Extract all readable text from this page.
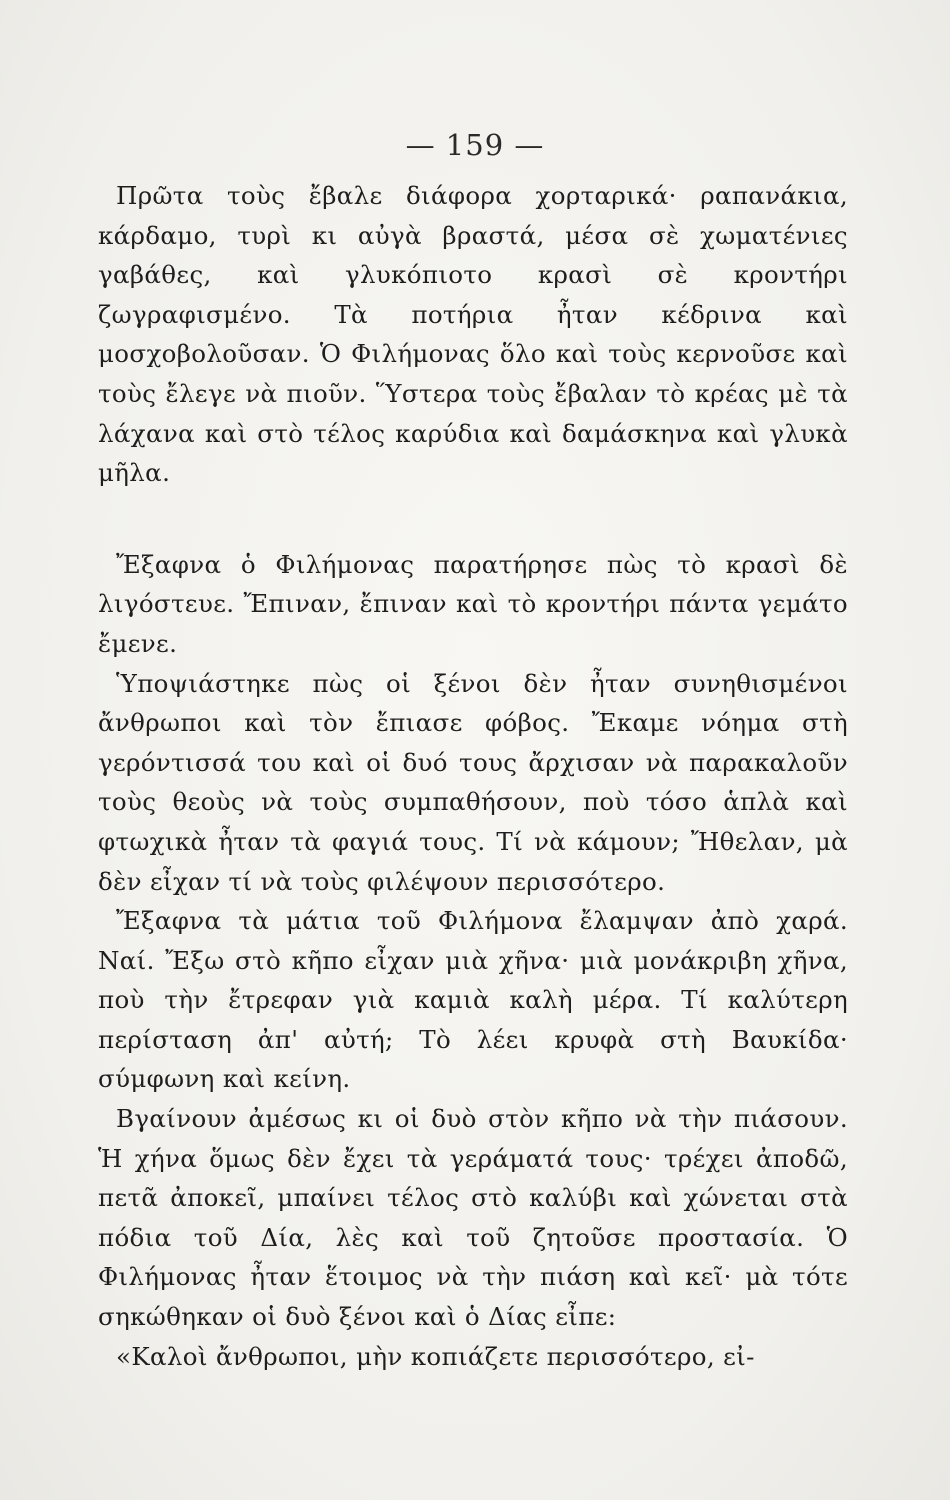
— 159 —

Πρῶτα τοὺς ἔβαλε διάφορα χορταρικά· ραπανάκια, κάρδαμο, τυρὶ κι αὐγὰ βραστά, μέσα σὲ χωματένιες γαβάθες, καὶ γλυκόπιοτο κρασὶ σὲ κροντήρι ζωγραφισμένο. Τὰ ποτήρια ἦταν κέδρινα καὶ μοσχοβολοῦσαν. Ὁ Φιλήμονας ὅλο καὶ τοὺς κερνοῦσε καὶ τοὺς ἔλεγε νὰ πιοῦν. Ὕστερα τοὺς ἔβαλαν τὸ κρέας μὲ τὰ λάχανα καὶ στὸ τέλος καρύδια καὶ δαμάσκηνα καὶ γλυκὰ μῆλα.

Ἔξαφνα ὁ Φιλήμονας παρατήρησε πὼς τὸ κρασὶ δὲ λιγόστευε. Ἔπιναν, ἔπιναν καὶ τὸ κροντήρι πάντα γεμάτο ἔμενε.

Ὑποψιάστηκε πὼς οἱ ξένοι δὲν ἦταν συνηθισμένοι ἄνθρωποι καὶ τὸν ἔπιασε φόβος. Ἔκαμε νόημα στὴ γερόντισσά του καὶ οἱ δυό τους ἄρχισαν νὰ παρακαλοῦν τοὺς θεοὺς νὰ τοὺς συμπαθήσουν, ποὺ τόσο ἁπλὰ καὶ φτωχικὰ ἦταν τὰ φαγιά τους. Τί νὰ κάμουν; Ἤθελαν, μὰ δὲν εἶχαν τί νὰ τοὺς φιλέψουν περισσότερο.

Ἔξαφνα τὰ μάτια τοῦ Φιλήμονα ἔλαμψαν ἀπὸ χαρά. Ναί. Ἔξω στὸ κῆπο εἶχαν μιὰ χῆνα· μιὰ μονάκριβη χῆνα, ποὺ τὴν ἔτρεφαν γιὰ καμιὰ καλὴ μέρα. Τί καλύτερη περίσταση ἀπ' αὐτή; Τὸ λέει κρυφὰ στὴ Βαυκίδα· σύμφωνη καὶ κείνη.

Βγαίνουν ἀμέσως κι οἱ δυὸ στὸν κῆπο νὰ τὴν πιάσουν. Ἡ χήνα ὅμως δὲν ἔχει τὰ γεράματά τους· τρέχει ἀποδῶ, πετᾶ ἀποκεῖ, μπαίνει τέλος στὸ καλύβι καὶ χώνεται στὰ πόδια τοῦ Δία, λὲς καὶ τοῦ ζητοῦσε προστασία. Ὁ Φιλήμονας ἦταν ἕτοιμος νὰ τὴν πιάση καὶ κεῖ· μὰ τότε σηκώθηκαν οἱ δυὸ ξένοι καὶ ὁ Δίας εἶπε:

«Καλοὶ ἄνθρωποι, μὴν κοπιάζετε περισσότερο, εἰ-
